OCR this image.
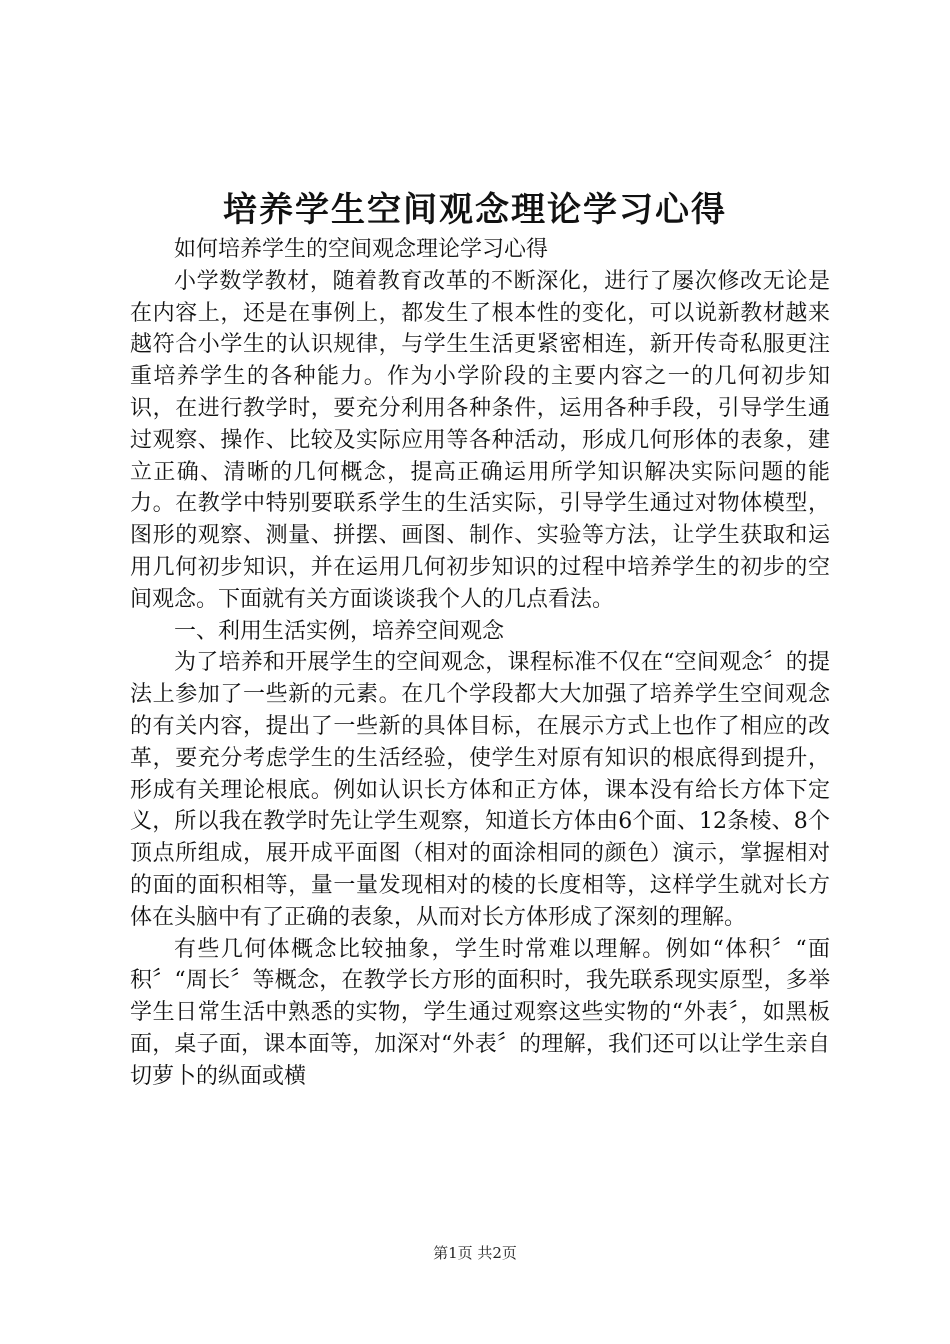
培养学生空间观念理论学习心得

如何培养学生的空间观念理论学习心得

小学数学教材，随着教育改革的不断深化，进行了屡次修改无论是在内容上，还是在事例上，都发生了根本性的变化，可以说新教材越来越符合小学生的认识规律，与学生生活更紧密相连，新开传奇私服更注重培养学生的各种能力。作为小学阶段的主要内容之一的几何初步知识，在进行教学时，要充分利用各种条件，运用各种手段，引导学生通过观察、操作、比较及实际应用等各种活动，形成几何形体的表象，建立正确、清晰的几何概念，提高正确运用所学知识解决实际问题的能力。在教学中特别要联系学生的生活实际，引导学生通过对物体模型，图形的观察、测量、拼摆、画图、制作、实验等方法，让学生获取和运用几何初步知识，并在运用几何初步知识的过程中培养学生的初步的空间观念。下面就有关方面谈谈我个人的几点看法。

一、利用生活实例，培养空间观念

为了培养和开展学生的空间观念，课程标准不仅在“空间观念〞的提法上参加了一些新的元素。在几个学段都大大加强了培养学生空间观念的有关内容，提出了一些新的具体目标，在展示方式上也作了相应的改革，要充分考虑学生的生活经验，使学生对原有知识的根底得到提升，形成有关理论根底。例如认识长方体和正方体，课本没有给长方体下定义，所以我在教学时先让学生观察，知道长方体由6个面、12条棱、8个顶点所组成，展开成平面图（相对的面涂相同的颜色）演示，掌握相对的面的面积相等，量一量发现相对的棱的长度相等，这样学生就对长方体在头脑中有了正确的表象，从而对长方体形成了深刻的理解。

有些几何体概念比较抽象，学生时常难以理解。例如“体积〞“面积〞“周长〞等概念，在教学长方形的面积时，我先联系现实原型，多举学生日常生活中熟悉的实物，学生通过观察这些实物的“外表〞，如黑板面，桌子面，课本面等，加深对“外表〞的理解，我们还可以让学生亲自切萝卜的纵面或横

第1页 共2页
